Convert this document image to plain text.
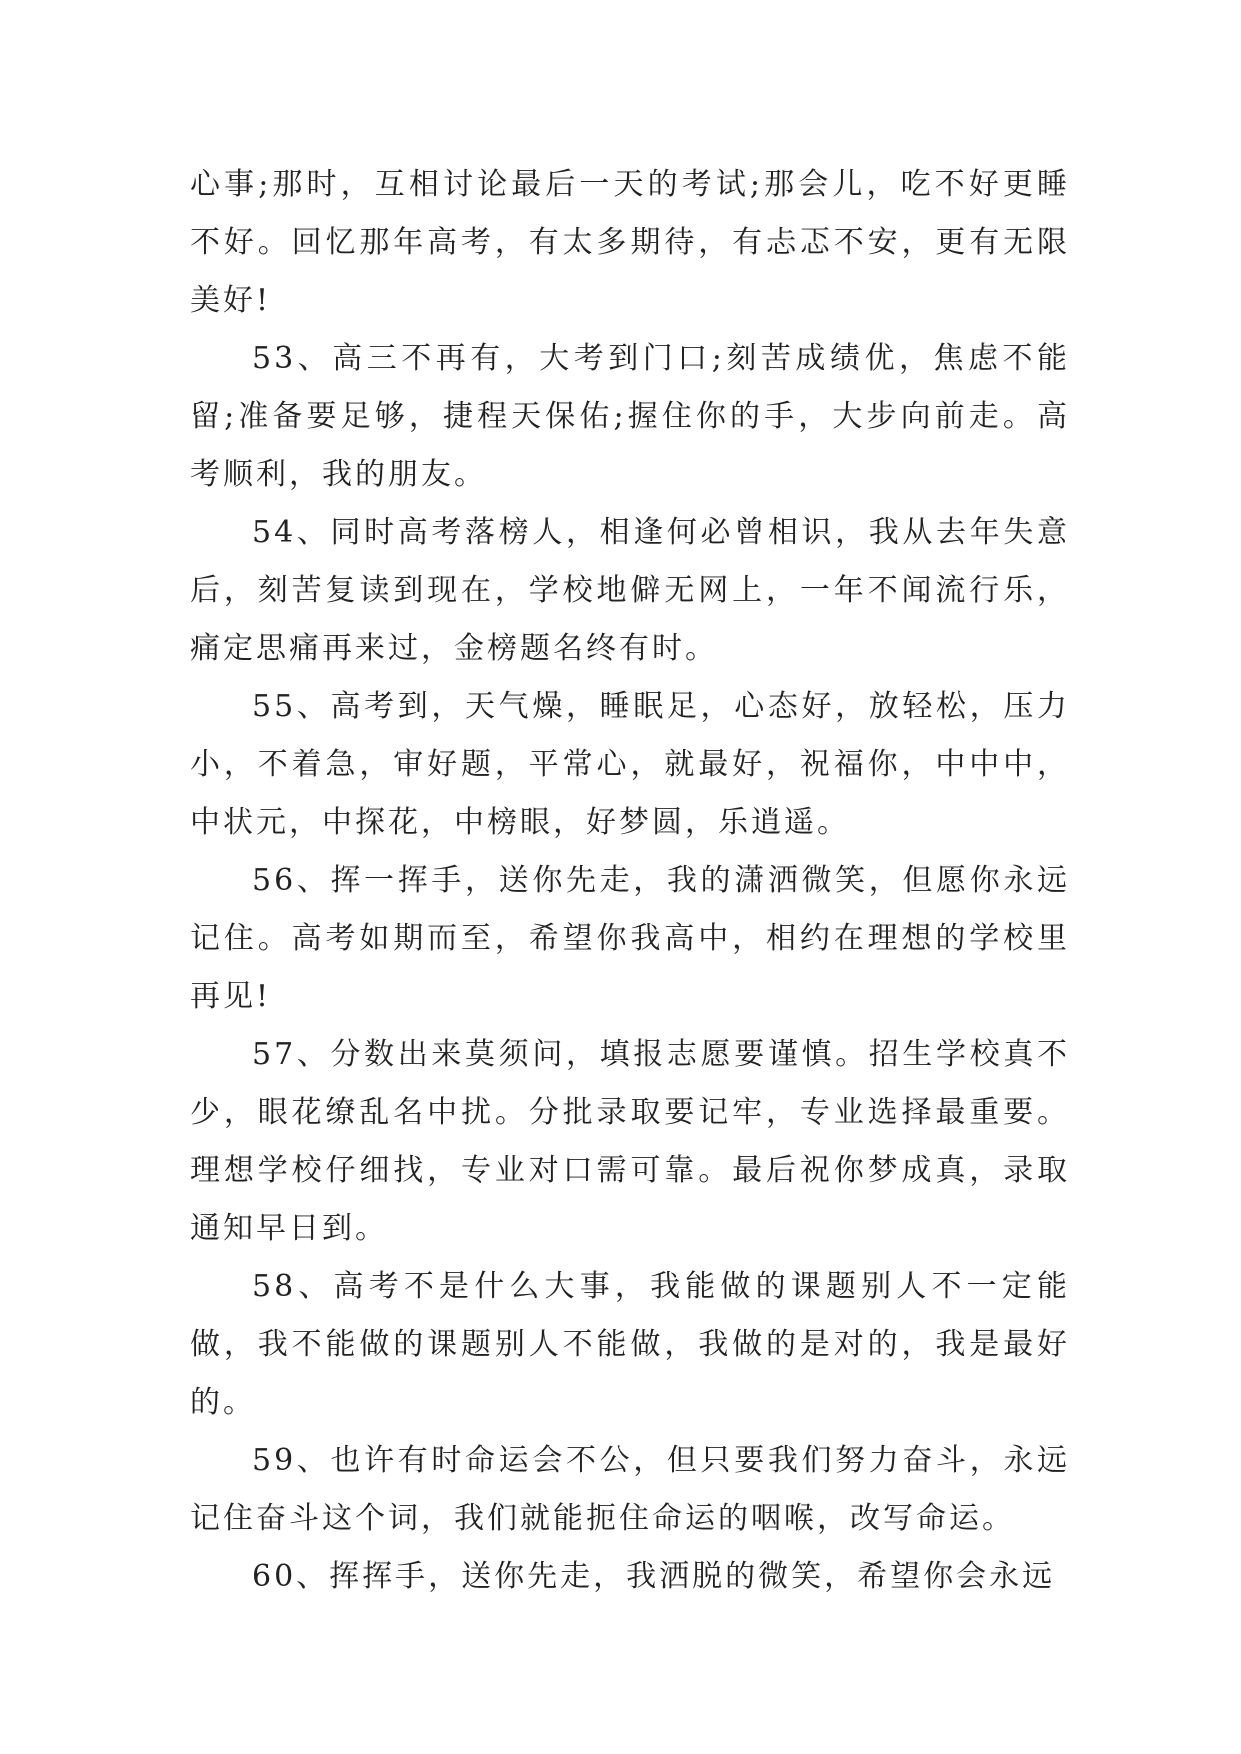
心事;那时，互相讨论最后一天的考试;那会儿，吃不好更睡不好。回忆那年高考，有太多期待，有忐忑不安，更有无限美好!

53、高三不再有，大考到门口;刻苦成绩优，焦虑不能留;准备要足够，捷程天保佑;握住你的手，大步向前走。高考顺利，我的朋友。

54、同时高考落榜人，相逢何必曾相识，我从去年失意后，刻苦复读到现在，学校地僻无网上，一年不闻流行乐，痛定思痛再来过，金榜题名终有时。

55、高考到，天气燥，睡眠足，心态好，放轻松，压力小，不着急，审好题，平常心，就最好，祝福你，中中中，中状元，中探花，中榜眼，好梦圆，乐逍遥。

56、挥一挥手，送你先走，我的潇洒微笑，但愿你永远记住。高考如期而至，希望你我高中，相约在理想的学校里再见!

57、分数出来莫须问，填报志愿要谨慎。招生学校真不少，眼花缭乱名中扰。分批录取要记牢，专业选择最重要。理想学校仔细找，专业对口需可靠。最后祝你梦成真，录取通知早日到。

58、高考不是什么大事，我能做的课题别人不一定能做，我不能做的课题别人不能做，我做的是对的，我是最好的。

59、也许有时命运会不公，但只要我们努力奋斗，永远记住奋斗这个词，我们就能扼住命运的咽喉，改写命运。

60、挥挥手，送你先走，我洒脱的微笑，希望你会永远
